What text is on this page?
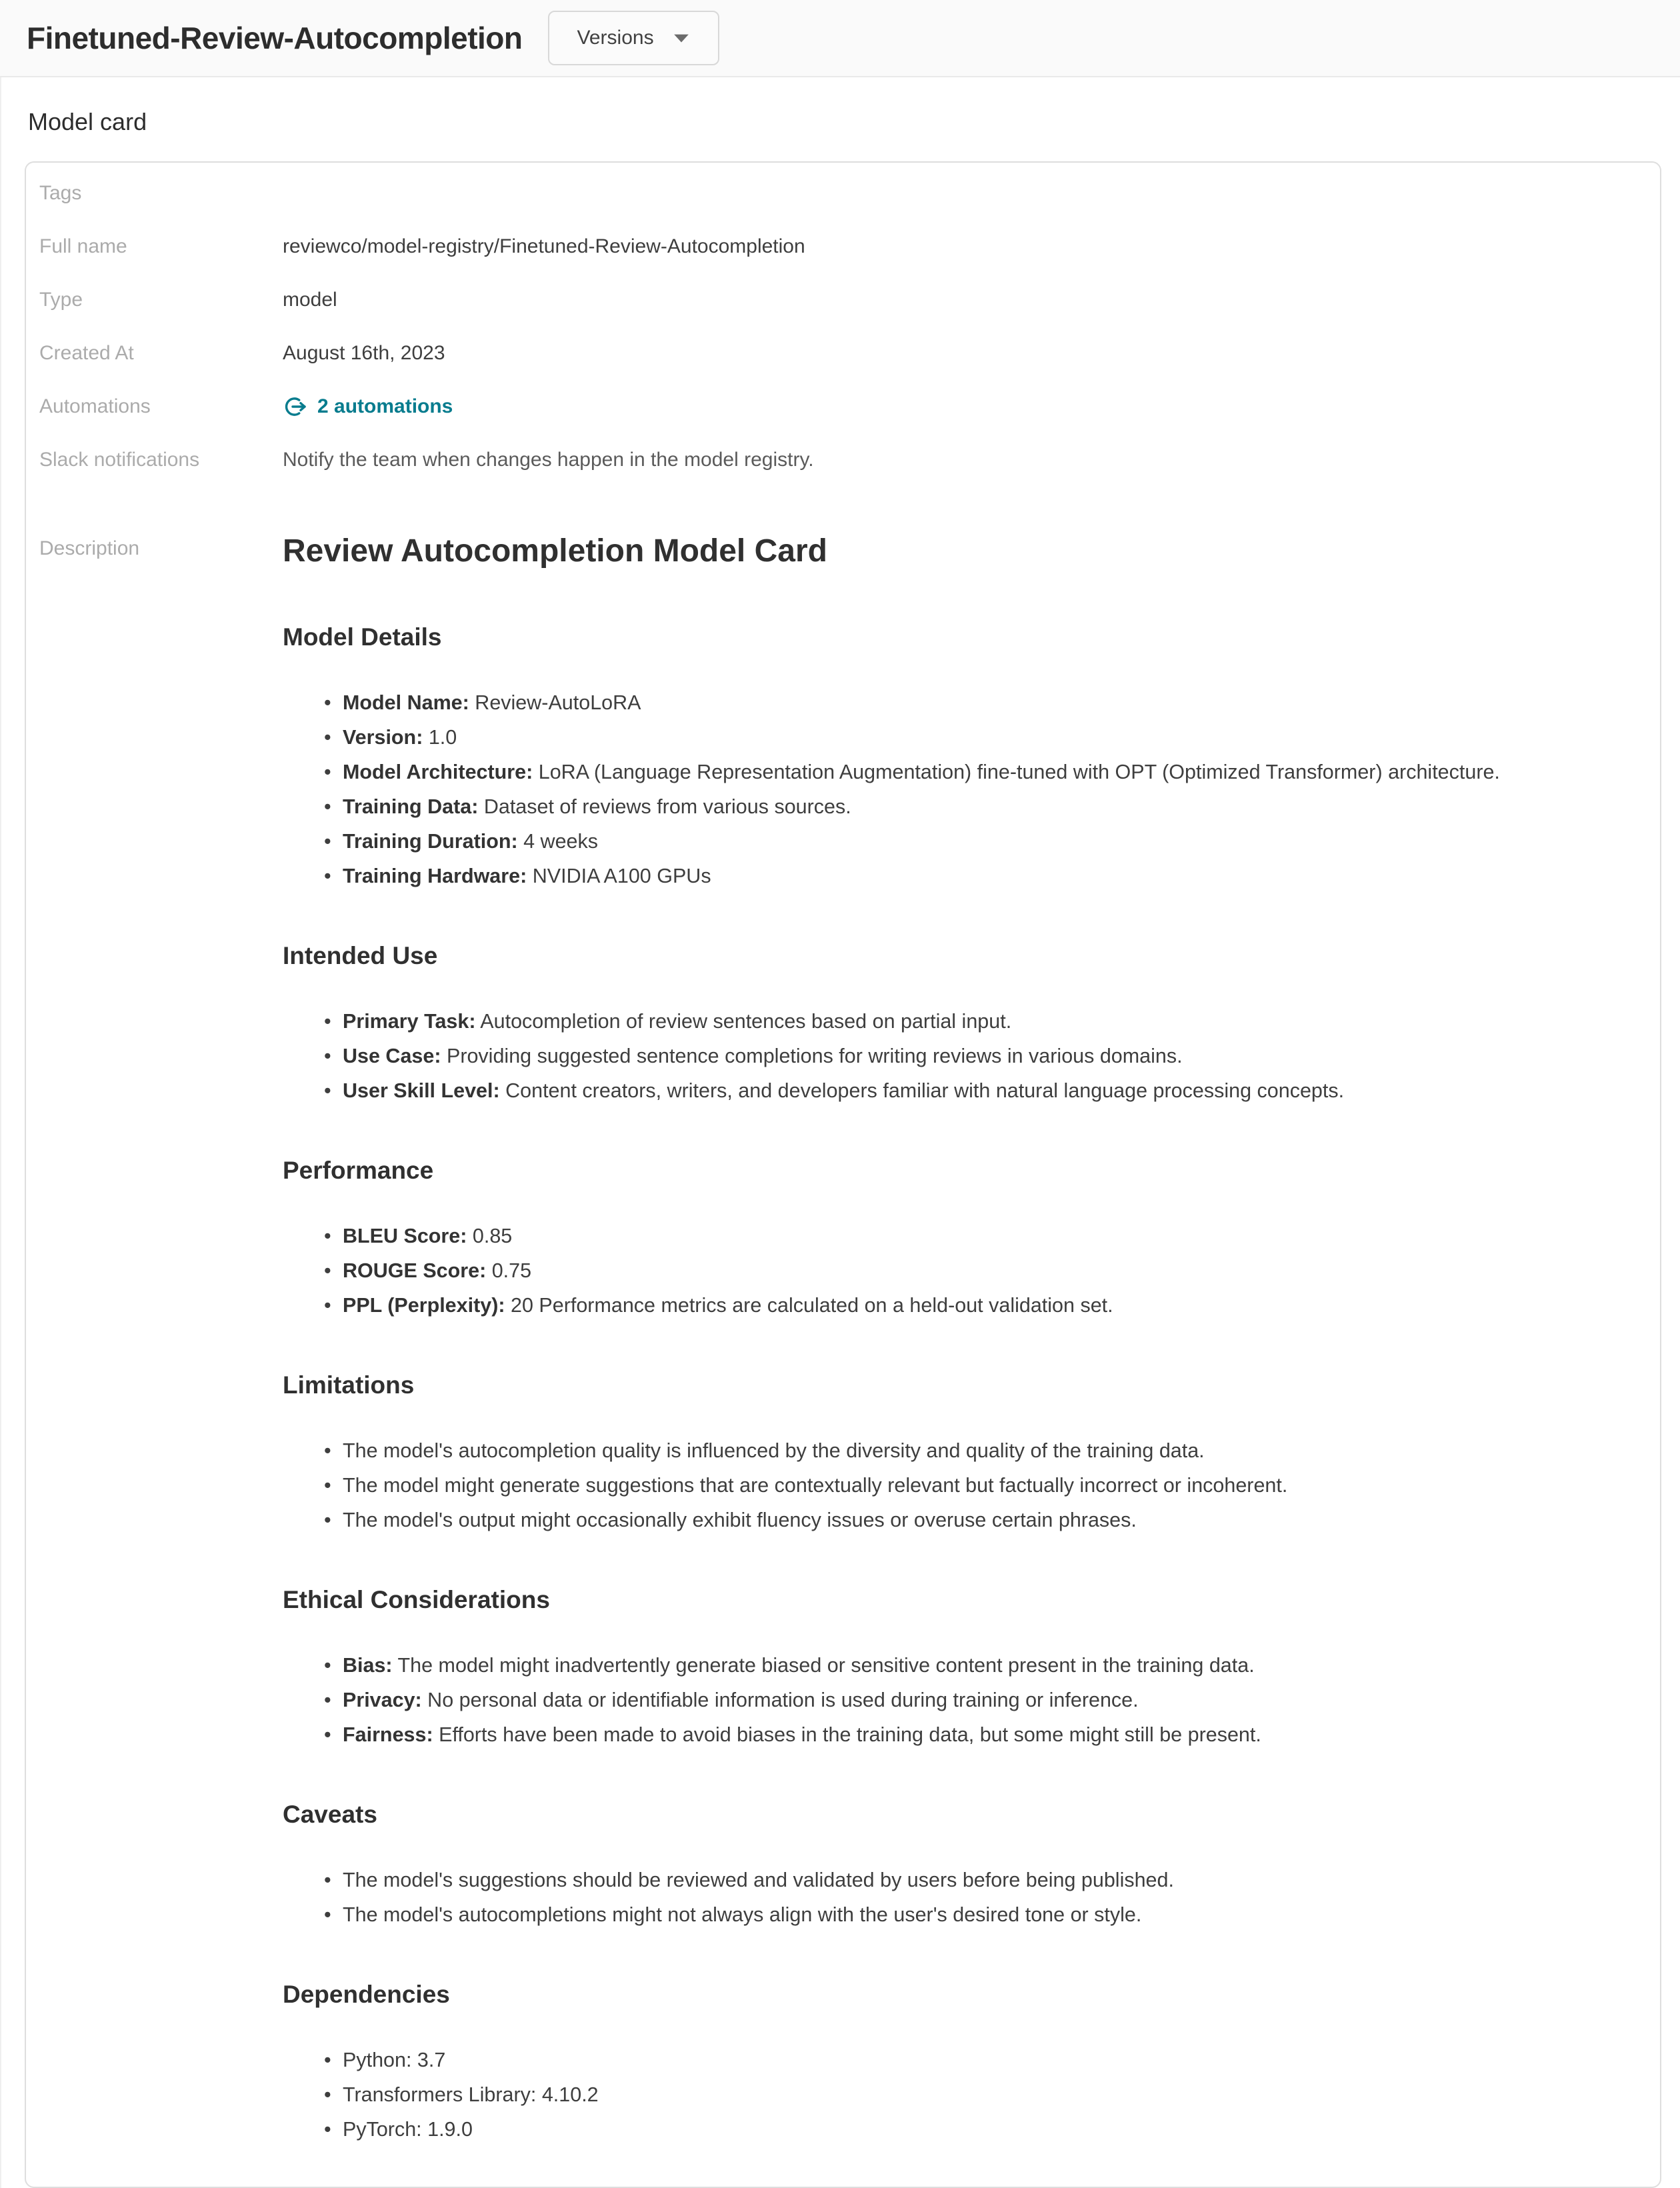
Finetuned-Review-Autocompletion	Versions
Model card
Tags
Full name	reviewco/model-registry/Finetuned-Review-Autocompletion
Type	model
Created At	August 16th, 2023
Automations	2 automations
Slack notifications	Notify the team when changes happen in the model registry.
Description	Review Autocompletion Model Card
Model Details
• Model Name: Review-AutoLoRA
• Version: 1.0
• Model Architecture: LoRA (Language Representation Augmentation) fine-tuned with OPT (Optimized Transformer) architecture.
• Training Data: Dataset of reviews from various sources.
• Training Duration: 4 weeks
• Training Hardware: NVIDIA A100 GPUs
Intended Use
• Primary Task: Autocompletion of review sentences based on partial input.
• Use Case: Providing suggested sentence completions for writing reviews in various domains.
• User Skill Level: Content creators, writers, and developers familiar with natural language processing concepts.
Performance
• BLEU Score: 0.85
• ROUGE Score: 0.75
• PPL (Perplexity): 20 Performance metrics are calculated on a held-out validation set.
Limitations
• The model's autocompletion quality is influenced by the diversity and quality of the training data.
• The model might generate suggestions that are contextually relevant but factually incorrect or incoherent.
• The model's output might occasionally exhibit fluency issues or overuse certain phrases.
Ethical Considerations
• Bias: The model might inadvertently generate biased or sensitive content present in the training data.
• Privacy: No personal data or identifiable information is used during training or inference.
• Fairness: Efforts have been made to avoid biases in the training data, but some might still be present.
Caveats
• The model's suggestions should be reviewed and validated by users before being published.
• The model's autocompletions might not always align with the user's desired tone or style.
Dependencies
• Python: 3.7
• Transformers Library: 4.10.2
• PyTorch: 1.9.0
